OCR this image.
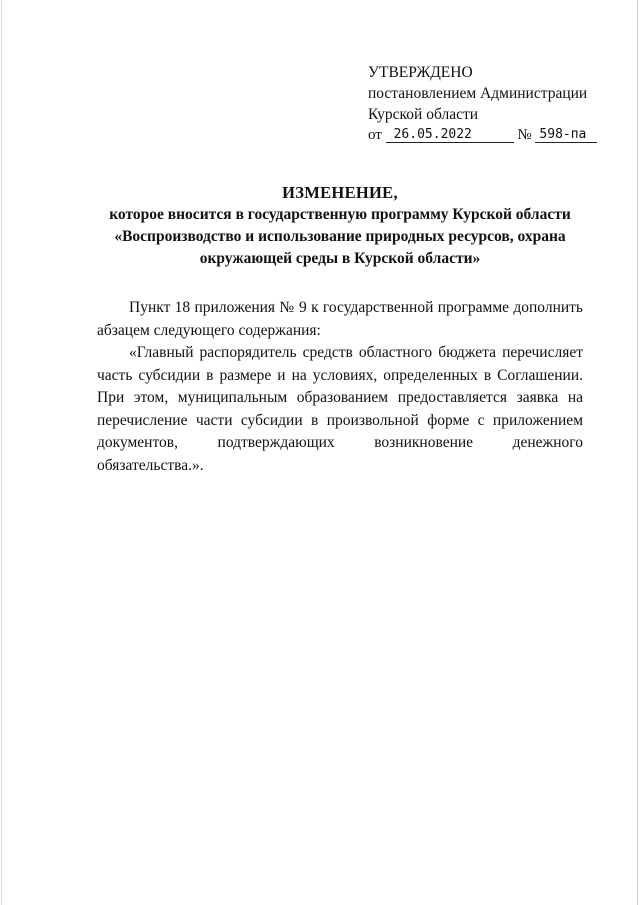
УТВЕРЖДЕНО
постановлением Администрации
Курской области
от 26.05.2022	№ 598-па
ИЗМЕНЕНИЕ,
которое вносится в государственную программу Курской области
«Воспроизводство и использование природных ресурсов, охрана
окружающей среды в Курской области»

Пункт 18 приложения № 9 к государственной программе дополнить абзацем следующего содержания:

«Главный распорядитель средств областного бюджета перечисляет часть субсидии в размере и на условиях, определенных в Соглашении. При этом, муниципальным образованием предоставляется заявка на перечисление части субсидии в произвольной форме с приложением документов, подтверждающих возникновение денежного обязательства.».
